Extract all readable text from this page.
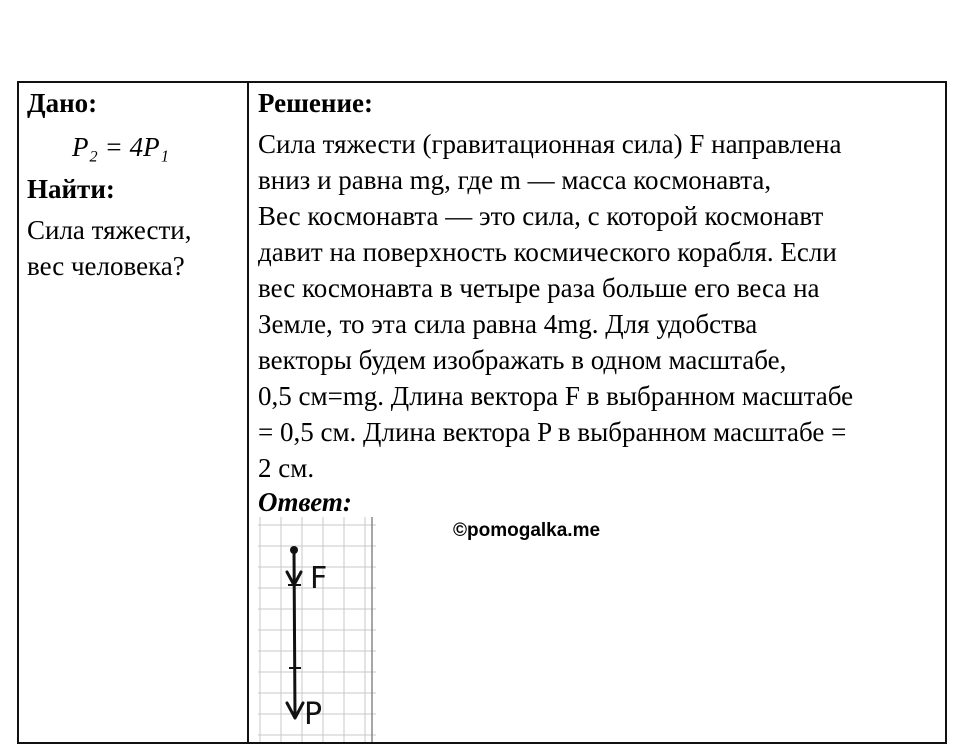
Дано:
P₂ = 4P₁
Найти:
Сила тяжести,
вес человека?
Решение:
Сила тяжести (гравитационная сила) F направлена
вниз и равна mg, где m — масса космонавта,
Вес космонавта — это сила, с которой космонавт
давит на поверхность космического корабля. Если
вес космонавта в четыре раза больше его веса на
Земле, то эта сила равна 4mg. Для удобства
векторы будем изображать в одном масштабе,
0,5 см=mg. Длина вектора F в выбранном масштабе
= 0,5 см. Длина вектора P в выбранном масштабе =
2 см.
Ответ:
©pomogalka.me
F
P
